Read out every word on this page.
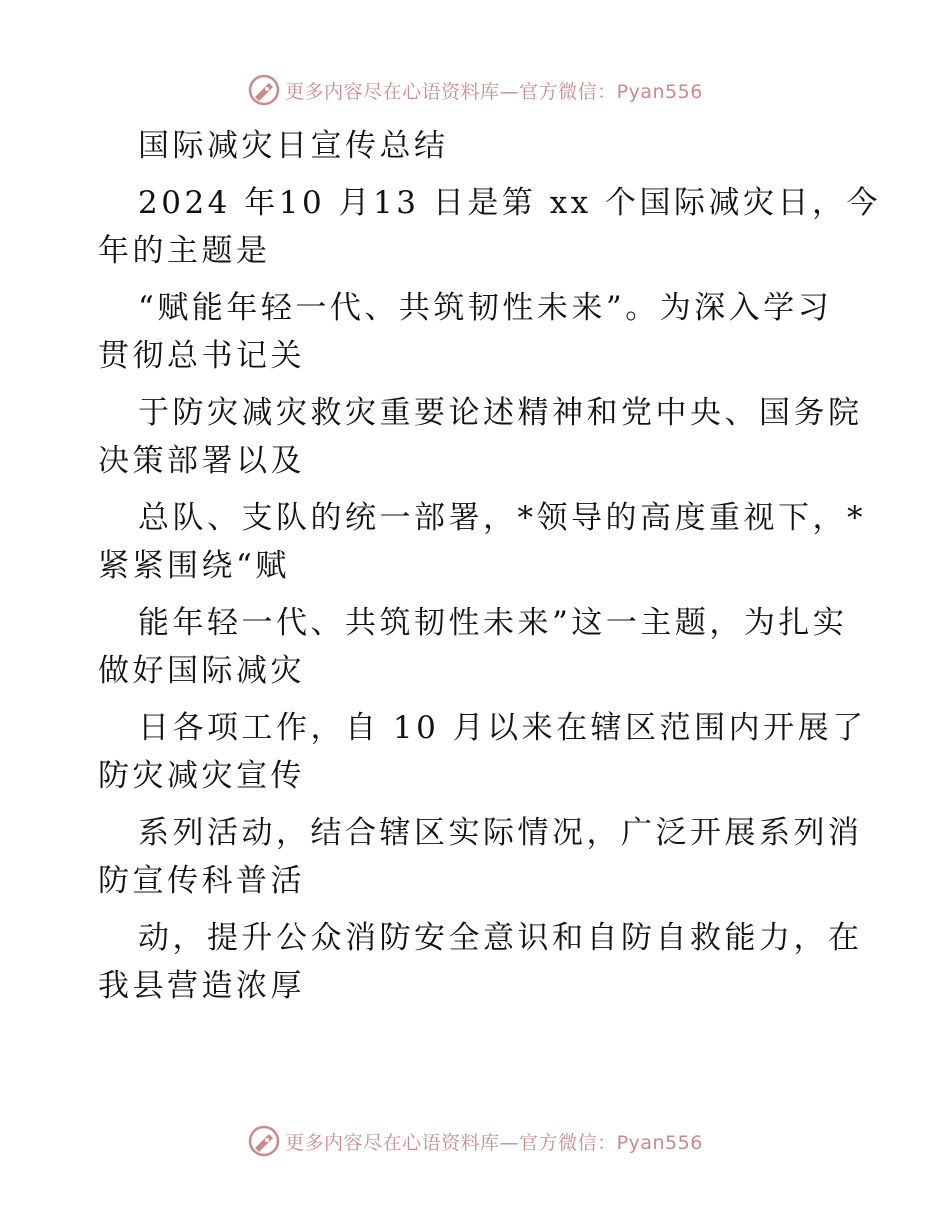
更多内容尽在心语资料库—官方微信：Pyan556
国际减灾日宣传总结
2024 年10 月13 日是第 xx 个国际减灾日，今
年的主题是
“赋能年轻一代、共筑韧性未来”。为深入学习
贯彻总书记关
于防灾减灾救灾重要论述精神和党中央、国务院
决策部署以及
总队、支队的统一部署，*领导的高度重视下，*
紧紧围绕“赋
能年轻一代、共筑韧性未来”这一主题，为扎实
做好国际减灾
日各项工作，自 10 月以来在辖区范围内开展了
防灾减灾宣传
系列活动，结合辖区实际情况，广泛开展系列消
防宣传科普活
动，提升公众消防安全意识和自防自救能力，在
我县营造浓厚
更多内容尽在心语资料库—官方微信：Pyan556
